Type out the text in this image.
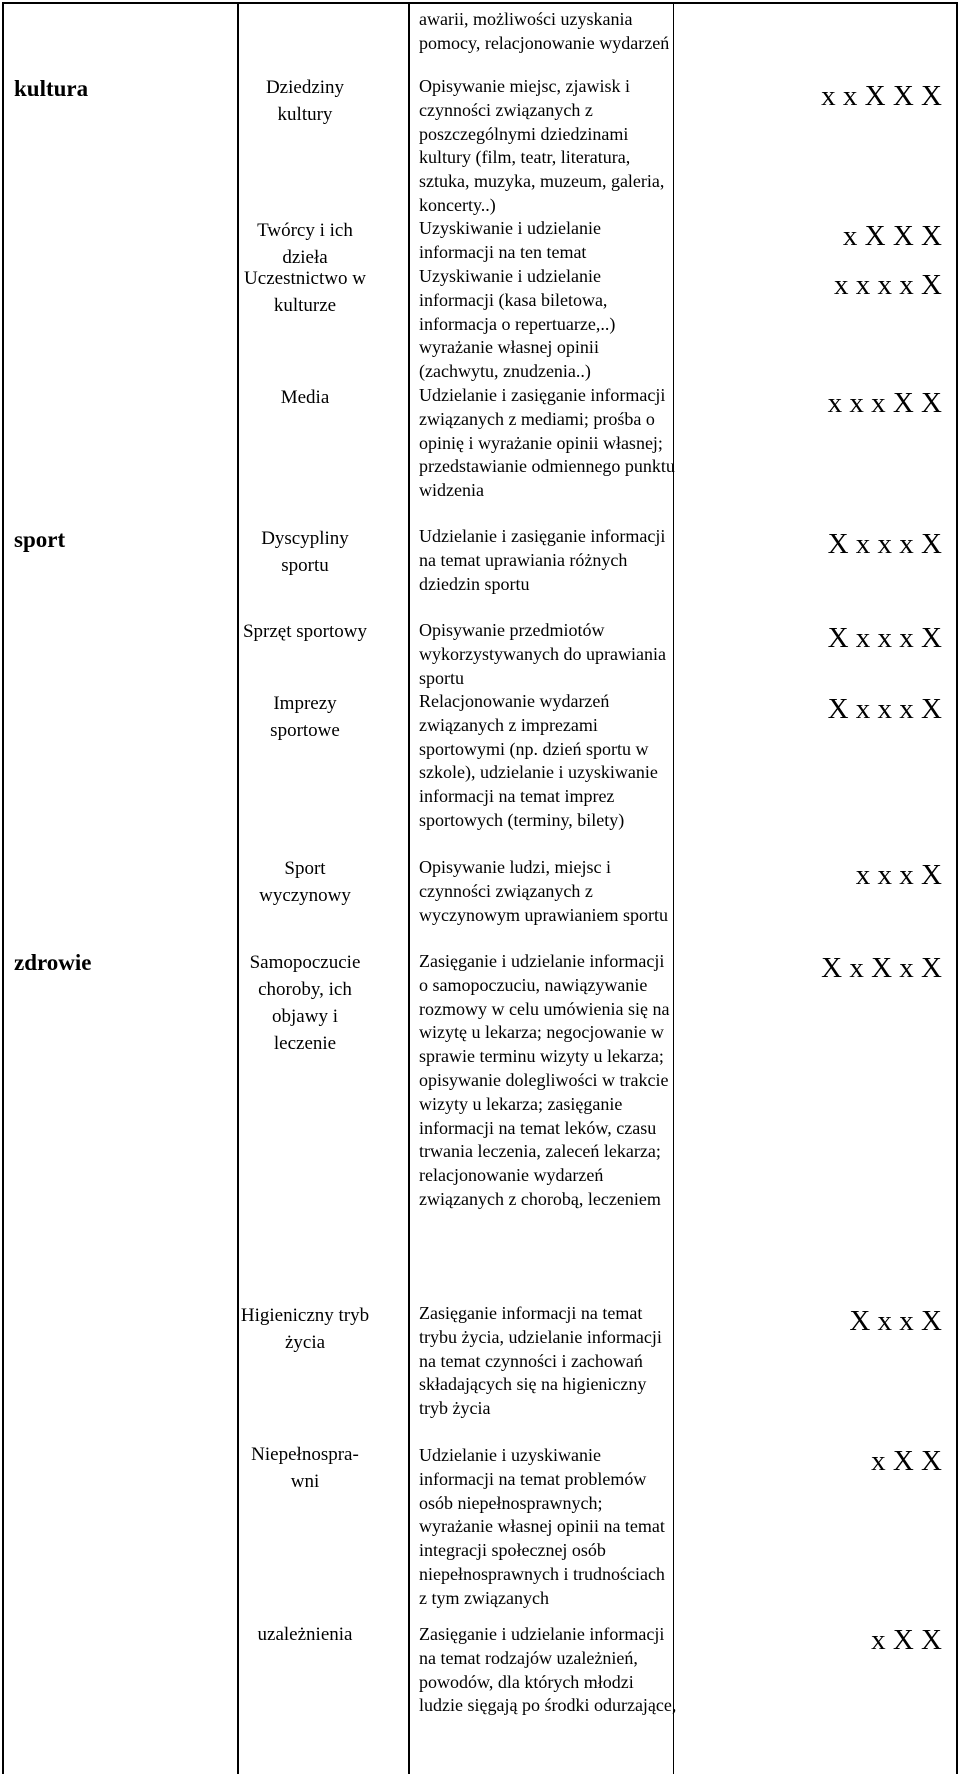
kultura
sport
zdrowie
Dziedziny kultury
Twórcy i ich dzieła
Uczestnictwo w kulturze
Media
Dyscypliny sportu
Sprzęt sportowy
Imprezy sportowe
Sport wyczynowy
Samopoczucie choroby, ich objawy i leczenie
Higieniczny tryb życia
Niepełnospra-wni
uzależnienia
awarii, możliwości uzyskania pomocy, relacjonowanie wydarzeń
Opisywanie miejsc, zjawisk i czynności związanych z poszczególnymi dziedzinami kultury (film, teatr, literatura, sztuka, muzyka, muzeum, galeria, koncerty..)
Uzyskiwanie i udzielanie informacji na ten temat
Uzyskiwanie i udzielanie informacji (kasa biletowa, informacja o repertuarze,..) wyrażanie własnej opinii (zachwytu, znudzenia..)
Udzielanie i zasięganie informacji związanych z mediami; prośba o opinię i wyrażanie opinii własnej; przedstawianie odmiennego punktu widzenia
Udzielanie i zasięganie informacji na temat uprawiania różnych dziedzin sportu
Opisywanie przedmiotów wykorzystywanych do uprawiania sportu
Relacjonowanie wydarzeń związanych z imprezami sportowymi (np. dzień sportu w szkole), udzielanie i uzyskiwanie informacji na temat imprez sportowych (terminy, bilety)
Opisywanie ludzi, miejsc i czynności związanych z wyczynowym uprawianiem sportu
Zasięganie i udzielanie informacji o samopoczuciu, nawiązywanie rozmowy w celu umówienia się na wizytę u lekarza; negocjowanie w sprawie terminu wizyty u lekarza; opisywanie dolegliwości w trakcie wizyty u lekarza; zasięganie informacji na temat leków, czasu trwania leczenia, zaleceń lekarza; relacjonowanie wydarzeń związanych z chorobą, leczeniem
Zasięganie informacji na temat trybu życia, udzielanie informacji na temat czynności i zachowań składających się na higieniczny tryb życia
Udzielanie i uzyskiwanie informacji na temat problemów osób niepełnosprawnych; wyrażanie własnej opinii na temat integracji społecznej osób niepełnosprawnych i trudnościach z tym związanych
Zasięganie i udzielanie informacji na temat rodzajów uzależnień, powodów, dla których młodzi ludzie sięgają po środki odurzające,
x x X X X
x X X X
x x x x X
x x x X X
X x x x X
X x x x X
X x x x X
x x x X
X x X x X
X x x X
x X X
x X X
